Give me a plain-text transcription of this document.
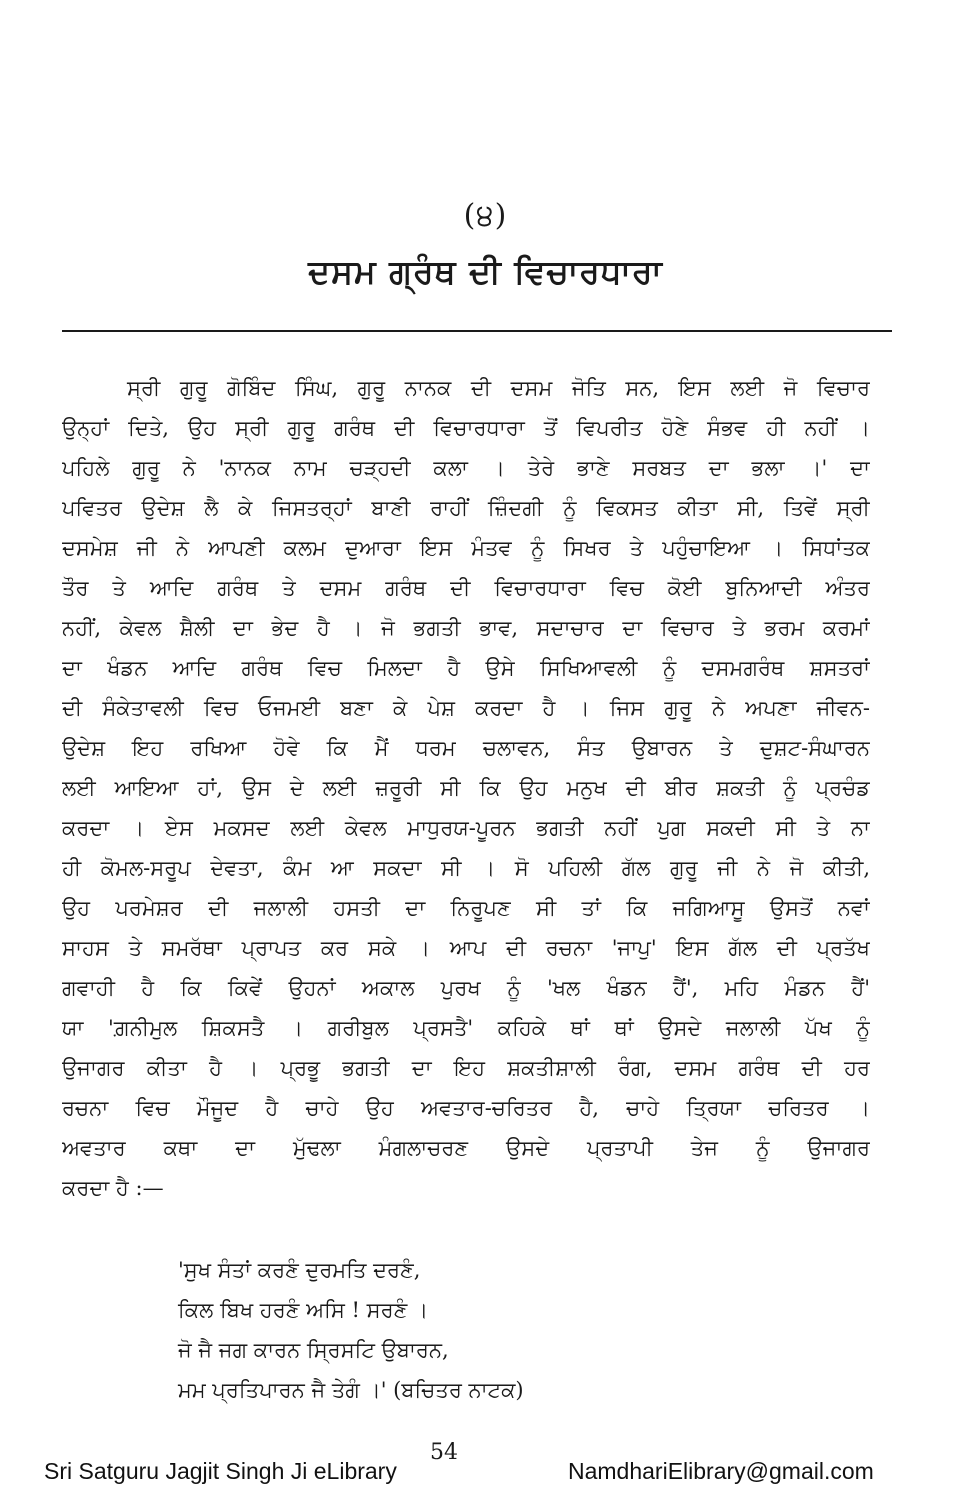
(੪)
ਦਸਮ ਗ੍ਰੰਥ ਦੀ ਵਿਚਾਰਧਾਰਾ
ਸ੍ਰੀ ਗੁਰੂ ਗੋਬਿੰਦ ਸਿੰਘ, ਗੁਰੂ ਨਾਨਕ ਦੀ ਦਸਮ ਜੋਤਿ ਸਨ, ਇਸ ਲਈ ਜੋ ਵਿਚਾਰ
ਉਨ੍ਹਾਂ ਦਿਤੇ, ਉਹ ਸ੍ਰੀ ਗੁਰੂ ਗਰੰਥ ਦੀ ਵਿਚਾਰਧਾਰਾ ਤੋਂ ਵਿਪਰੀਤ ਹੋਣੇ ਸੰਭਵ ਹੀ ਨਹੀਂ ।
ਪਹਿਲੇ ਗੁਰੂ ਨੇ 'ਨਾਨਕ ਨਾਮ ਚੜ੍ਹਦੀ ਕਲਾ । ਤੇਰੇ ਭਾਣੇ ਸਰਬਤ ਦਾ ਭਲਾ ।' ਦਾ
ਪਵਿਤਰ ਉਦੇਸ਼ ਲੈ ਕੇ ਜਿਸਤਰ੍ਹਾਂ ਬਾਣੀ ਰਾਹੀਂ ਜ਼ਿੰਦਗੀ ਨੂੰ ਵਿਕਸਤ ਕੀਤਾ ਸੀ, ਤਿਵੇਂ ਸ੍ਰੀ
ਦਸਮੇਸ਼ ਜੀ ਨੇ ਆਪਣੀ ਕਲਮ ਦੁਆਰਾ ਇਸ ਮੰਤਵ ਨੂੰ ਸਿਖਰ ਤੇ ਪਹੁੰਚਾਇਆ । ਸਿਧਾਂਤਕ
ਤੌਰ ਤੇ ਆਦਿ ਗਰੰਥ ਤੇ ਦਸਮ ਗਰੰਥ ਦੀ ਵਿਚਾਰਧਾਰਾ ਵਿਚ ਕੋਈ ਬੁਨਿਆਦੀ ਅੰਤਰ
ਨਹੀਂ, ਕੇਵਲ ਸ਼ੈਲੀ ਦਾ ਭੇਦ ਹੈ । ਜੋ ਭਗਤੀ ਭਾਵ, ਸਦਾਚਾਰ ਦਾ ਵਿਚਾਰ ਤੇ ਭਰਮ ਕਰਮਾਂ
ਦਾ ਖੰਡਨ ਆਦਿ ਗਰੰਥ ਵਿਚ ਮਿਲਦਾ ਹੈ ਉਸੇ ਸਿਖਿਆਵਲੀ ਨੂੰ ਦਸਮਗਰੰਥ ਸ਼ਸਤਰਾਂ
ਦੀ ਸੰਕੇਤਾਵਲੀ ਵਿਚ ਓਜਮਈ ਬਣਾ ਕੇ ਪੇਸ਼ ਕਰਦਾ ਹੈ । ਜਿਸ ਗੁਰੂ ਨੇ ਅਪਣਾ ਜੀਵਨ-
ਉਦੇਸ਼ ਇਹ ਰਖਿਆ ਹੋਵੇ ਕਿ ਮੈਂ ਧਰਮ ਚਲਾਵਨ, ਸੰਤ ਉਬਾਰਨ ਤੇ ਦੁਸ਼ਟ-ਸੰਘਾਰਨ
ਲਈ ਆਇਆ ਹਾਂ, ਉਸ ਦੇ ਲਈ ਜ਼ਰੂਰੀ ਸੀ ਕਿ ਉਹ ਮਨੁਖ ਦੀ ਬੀਰ ਸ਼ਕਤੀ ਨੂੰ ਪ੍ਰਚੰਡ
ਕਰਦਾ । ਏਸ ਮਕਸਦ ਲਈ ਕੇਵਲ ਮਾਧੁਰਯ-ਪੂਰਨ ਭਗਤੀ ਨਹੀਂ ਪੁਗ ਸਕਦੀ ਸੀ ਤੇ ਨਾ
ਹੀ ਕੋਮਲ-ਸਰੂਪ ਦੇਵਤਾ, ਕੰਮ ਆ ਸਕਦਾ ਸੀ । ਸੋ ਪਹਿਲੀ ਗੱਲ ਗੁਰੂ ਜੀ ਨੇ ਜੋ ਕੀਤੀ,
ਉਹ ਪਰਮੇਸ਼ਰ ਦੀ ਜਲਾਲੀ ਹਸਤੀ ਦਾ ਨਿਰੂਪਣ ਸੀ ਤਾਂ ਕਿ ਜਗਿਆਸੂ ਉਸਤੋਂ ਨਵਾਂ
ਸਾਹਸ ਤੇ ਸਮਰੱਥਾ ਪ੍ਰਾਪਤ ਕਰ ਸਕੇ । ਆਪ ਦੀ ਰਚਨਾ 'ਜਾਪੁ' ਇਸ ਗੱਲ ਦੀ ਪ੍ਰਤੱਖ
ਗਵਾਹੀ ਹੈ ਕਿ ਕਿਵੇਂ ਉਹਨਾਂ ਅਕਾਲ ਪੁਰਖ ਨੂੰ 'ਖਲ ਖੰਡਨ ਹੈਂ', ਮਹਿ ਮੰਡਨ ਹੈਂ'
ਯਾ 'ਗ਼ਨੀਮੁਲ ਸ਼ਿਕਸਤੈ । ਗਰੀਬੁਲ ਪ੍ਰਸਤੈ' ਕਹਿਕੇ ਥਾਂ ਥਾਂ ਉਸਦੇ ਜਲਾਲੀ ਪੱਖ ਨੂੰ
ਉਜਾਗਰ ਕੀਤਾ ਹੈ । ਪ੍ਰਭੂ ਭਗਤੀ ਦਾ ਇਹ ਸ਼ਕਤੀਸ਼ਾਲੀ ਰੰਗ, ਦਸਮ ਗਰੰਥ ਦੀ ਹਰ
ਰਚਨਾ ਵਿਚ ਮੌਜੂਦ ਹੈ ਚਾਹੇ ਉਹ ਅਵਤਾਰ-ਚਰਿਤਰ ਹੈ, ਚਾਹੇ ਤ੍ਰਿਯਾ ਚਰਿਤਰ ।
ਅਵਤਾਰ ਕਥਾ ਦਾ ਮੁੱਢਲਾ ਮੰਗਲਾਚਰਣ ਉਸਦੇ ਪ੍ਰਤਾਪੀ ਤੇਜ ਨੂੰ ਉਜਾਗਰ
ਕਰਦਾ ਹੈ :—
'ਸੁਖ ਸੰਤਾਂ ਕਰਣੰ ਦੁਰਮਤਿ ਦਰਣੰ,
ਕਿਲ ਬਿਖ ਹਰਣੰ ਅਸਿ ! ਸਰਣੰ ।
ਜੋ ਜੈ ਜਗ ਕਾਰਨ ਸ੍ਰਿਸਟਿ ਉਬਾਰਨ,
ਮਮ ਪ੍ਰਤਿਪਾਰਨ ਜੈ ਤੇਗੰ ।' (ਬਚਿਤਰ ਨਾਟਕ)
54
Sri Satguru Jagjit Singh Ji eLibrary	NamdhariElibrary@gmail.com
